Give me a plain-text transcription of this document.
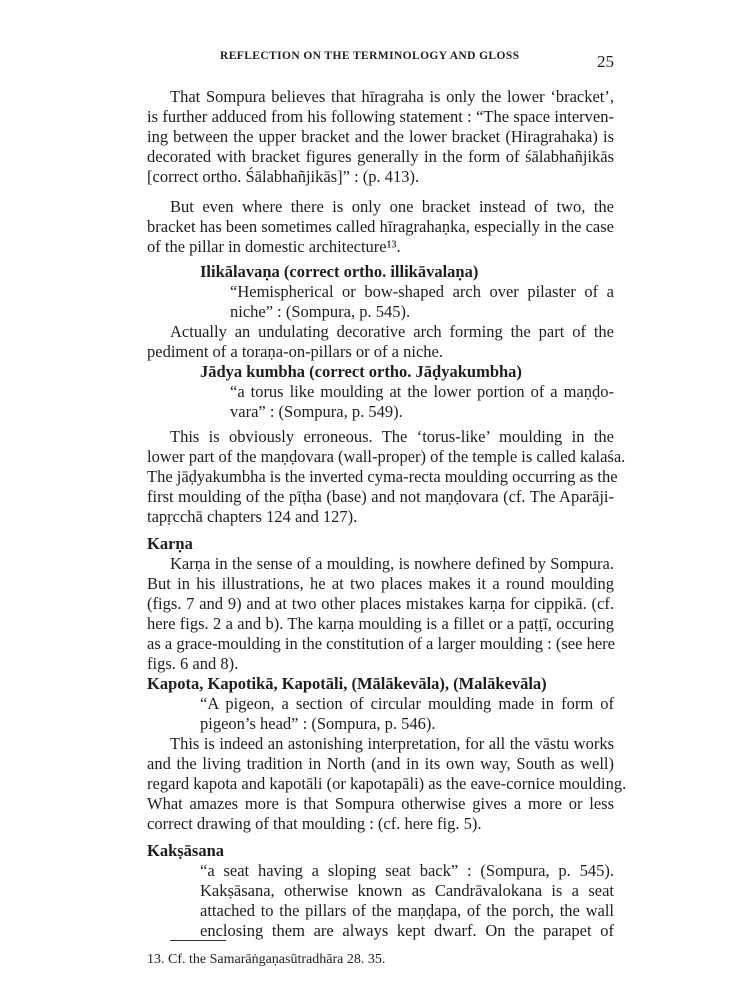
REFLECTION ON THE TERMINOLOGY AND GLOSS	25
That Sompura believes that hīragraha is only the lower ‘bracket’,
is further adduced from his following statement : “The space interven-
ing between the upper bracket and the lower bracket (Hiragrahaka) is
decorated with bracket figures generally in the form of śālabhañjikās
[correct ortho. Śālabhañjikās]” : (p. 413).
But even where there is only one bracket instead of two, the
bracket has been sometimes called hīragrahaṇka, especially in the case
of the pillar in domestic architecture¹³.
Ilikālavaṇa (correct ortho. illikāvalaṇa)
“Hemispherical or bow-shaped arch over pilaster of a
niche” : (Sompura, p. 545).
Actually an undulating decorative arch forming the part of the
pediment of a toraṇa-on-pillars or of a niche.
Jādya kumbha (correct ortho. Jāḍyakumbha)
“a torus like moulding at the lower portion of a maṇḍo-
vara” : (Sompura, p. 549).
This is obviously erroneous. The ‘torus-like’ moulding in the
lower part of the maṇḍovara (wall-proper) of the temple is called kalaśa.
The jāḍyakumbha is the inverted cyma-recta moulding occurring as the
first moulding of the pīṭha (base) and not maṇḍovara (cf. The Aparāji-
tapṛcchā chapters 124 and 127).
Karṇa
Karṇa in the sense of a moulding, is nowhere defined by Sompura.
But in his illustrations, he at two places makes it a round moulding
(figs. 7 and 9) and at two other places mistakes karṇa for cippikā. (cf.
here figs. 2 a and b). The karṇa moulding is a fillet or a paṭṭī, occuring
as a grace-moulding in the constitution of a larger moulding : (see here
figs. 6 and 8).
Kapota, Kapotikā, Kapotāli, (Mālākevāla), (Malākevāla)
“A pigeon, a section of circular moulding made in form of
pigeon’s head” : (Sompura, p. 546).
This is indeed an astonishing interpretation, for all the vāstu works
and the living tradition in North (and in its own way, South as well)
regard kapota and kapotāli (or kapotapāli) as the eave-cornice moulding.
What amazes more is that Sompura otherwise gives a more or less
correct drawing of that moulding : (cf. here fig. 5).
Kakṣāsana
“a seat having a sloping seat back” : (Sompura, p. 545).
Kakṣāsana, otherwise known as Candrāvalokana is a seat
attached to the pillars of the maṇḍapa, of the porch, the wall
enclosing them are always kept dwarf. On the parapet of
13. Cf. the Samarāṅgaṇasūtradhāra 28. 35.
